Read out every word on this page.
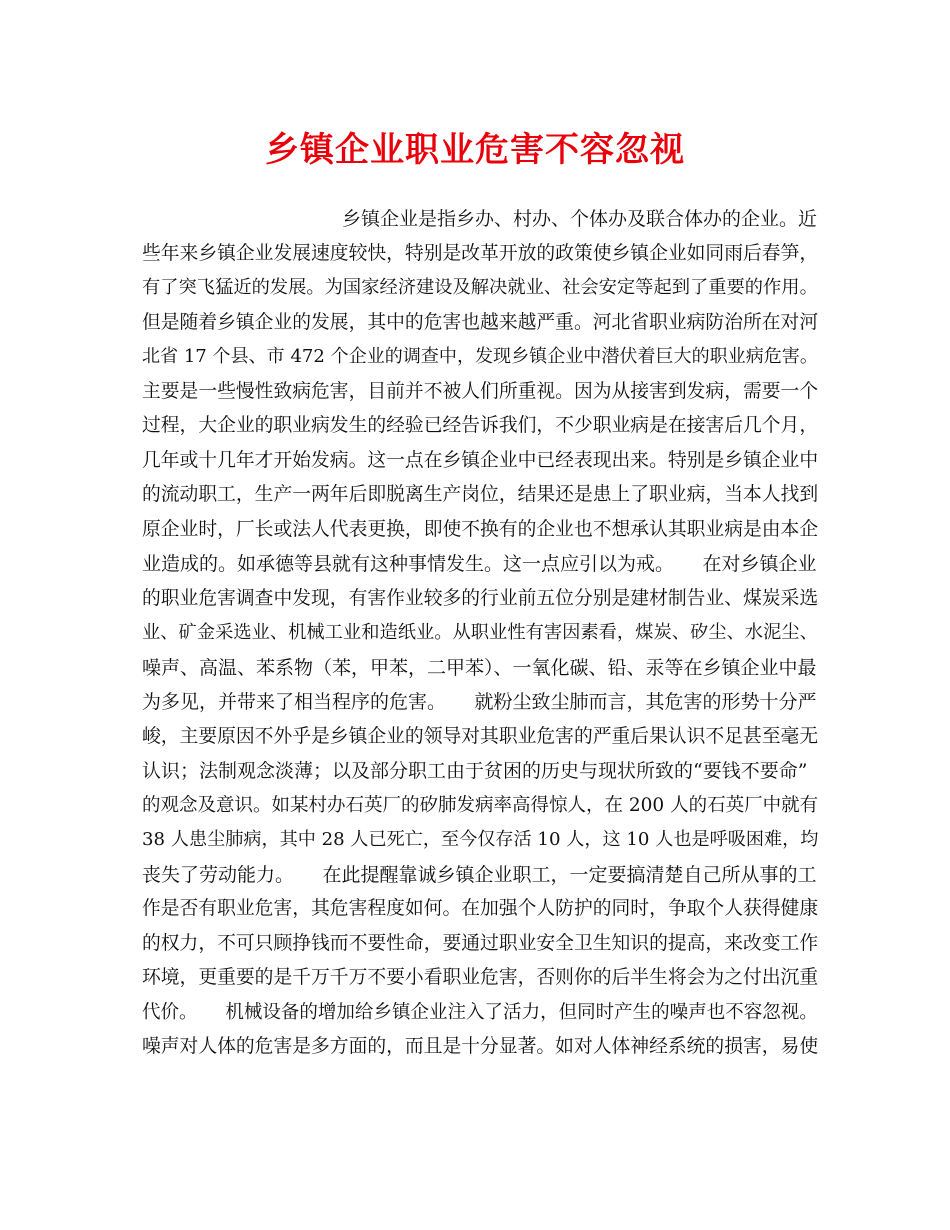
乡镇企业职业危害不容忽视
乡镇企业是指乡办、村办、个体办及联合体办的企业。近
些年来乡镇企业发展速度较快，特别是改革开放的政策使乡镇企业如同雨后春笋，
有了突飞猛近的发展。为国家经济建设及解决就业、社会安定等起到了重要的作用。
但是随着乡镇企业的发展，其中的危害也越来越严重。河北省职业病防治所在对河
北省 17 个县、市 472 个企业的调查中，发现乡镇企业中潜伏着巨大的职业病危害。
主要是一些慢性致病危害，目前并不被人们所重视。因为从接害到发病，需要一个
过程，大企业的职业病发生的经验已经告诉我们，不少职业病是在接害后几个月，
几年或十几年才开始发病。这一点在乡镇企业中已经表现出来。特别是乡镇企业中
的流动职工，生产一两年后即脱离生产岗位，结果还是患上了职业病，当本人找到
原企业时，厂长或法人代表更换，即使不换有的企业也不想承认其职业病是由本企
业造成的。如承德等县就有这种事情发生。这一点应引以为戒。　　在对乡镇企业
的职业危害调查中发现，有害作业较多的行业前五位分别是建材制告业、煤炭采选
业、矿金采选业、机械工业和造纸业。从职业性有害因素看，煤炭、矽尘、水泥尘、
噪声、高温、苯系物（苯，甲苯，二甲苯）、一氧化碳、铅、汞等在乡镇企业中最
为多见，并带来了相当程序的危害。　　就粉尘致尘肺而言，其危害的形势十分严
峻，主要原因不外乎是乡镇企业的领导对其职业危害的严重后果认识不足甚至毫无
认识；法制观念淡薄；以及部分职工由于贫困的历史与现状所致的“要钱不要命”
的观念及意识。如某村办石英厂的矽肺发病率高得惊人，在 200 人的石英厂中就有
38 人患尘肺病，其中 28 人已死亡，至今仅存活 10 人，这 10 人也是呼吸困难，均
丧失了劳动能力。　　在此提醒靠诚乡镇企业职工，一定要搞清楚自己所从事的工
作是否有职业危害，其危害程度如何。在加强个人防护的同时，争取个人获得健康
的权力，不可只顾挣钱而不要性命，要通过职业安全卫生知识的提高，来改变工作
环境，更重要的是千万千万不要小看职业危害，否则你的后半生将会为之付出沉重
代价。　　机械设备的增加给乡镇企业注入了活力，但同时产生的噪声也不容忽视。
噪声对人体的危害是多方面的，而且是十分显著。如对人体神经系统的损害，易使
